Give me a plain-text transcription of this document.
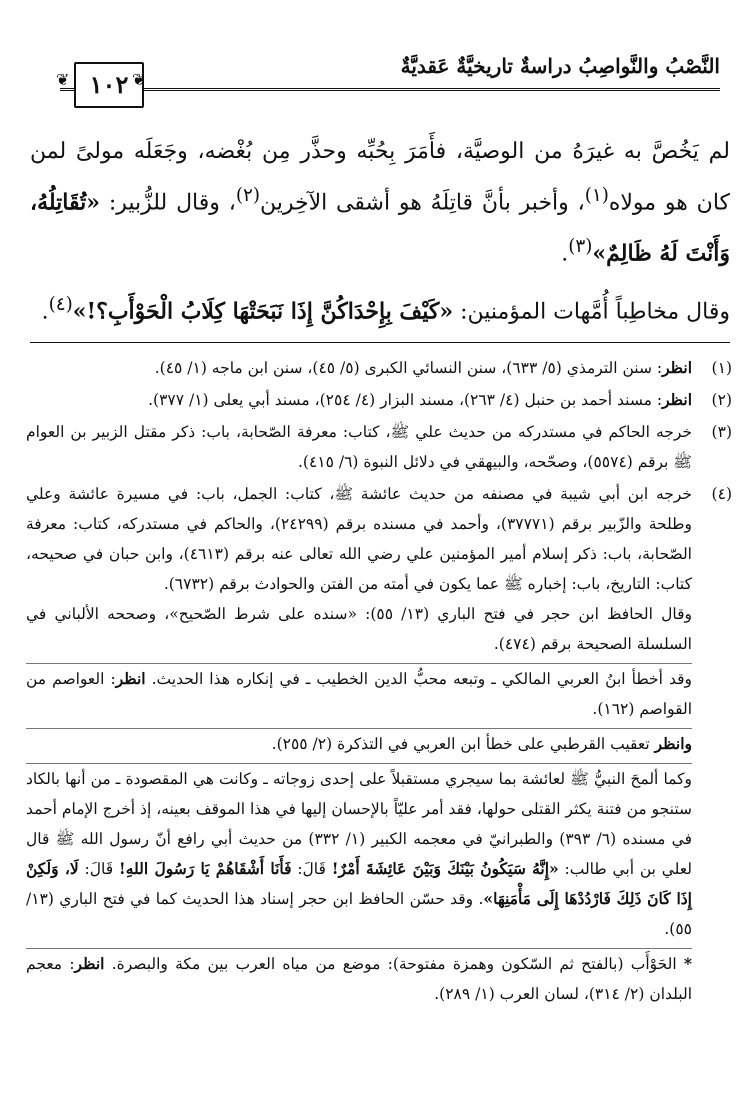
النَّصْبُ والنَّواصِبُ دراسةٌ تاريخيَّةٌ عَقديَّةٌ
١٠٢
❦	❦

لم يَخُصَّ به غيرَهُ من الوصيَّة، فأَمَرَ بِحُبِّه وحذَّر مِن بُغْضه، وجَعَلَه مولىً لمن كان هو مولاه$^{(١)}$، وأخبر بأنَّ قاتِلَهُ هو أشقى الآخِرين$^{(٢)}$، وقال للزُّبير: «تُقَاتِلُهُ، وَأَنْتَ لَهُ ظَالِمٌ»$^{(٣)}$.

وقال مخاطِباً أُمَّهات المؤمنين: «كَيْفَ بِإِحْدَاكُنَّ إِذَا نَبَحَتْهَا كِلَابُ الْحَوْأَبِ؟!»$^{(٤)}$.

(١)
انظر: سنن الترمذي (٥/ ٦٣٣)، سنن النسائي الكبرى (٥/ ٤٥)، سنن ابن ماجه (١/ ٤٥).
(٢)
انظر: مسند أحمد بن حنبل (٤/ ٢٦٣)، مسند البزار (٤/ ٢٥٤)، مسند أبي يعلى (١/ ٣٧٧).
(٣)
خرجه الحاكم في مستدركه من حديث علي ﷺ، كتاب: معرفة الصّحابة، باب: ذكر مقتل الزبير بن العوام ﷺ برقم (٥٥٧٤)، وصحّحه، والبيهقي في دلائل النبوة (٦/ ٤١٥).
(٤)

خرجه ابن أبي شيبة في مصنفه من حديث عائشة ﷺ، كتاب: الجمل، باب: في مسيرة عائشة وعلي وطلحة والزّبير برقم (٣٧٧٧١)، وأحمد في مسنده برقم (٢٤٢٩٩)، والحاكم في مستدركه، كتاب: معرفة الصّحابة، باب: ذكر إسلام أمير المؤمنين علي رضي الله تعالى عنه برقم (٤٦١٣)، وابن حبان في صحيحه، كتاب: التاريخ، باب: إخباره ﷺ عما يكون في أمته من الفتن والحوادث برقم (٦٧٣٢).

وقال الحافظ ابن حجر في فتح الباري (١٣/ ٥٥): «سنده على شرط الصّحيح»، وصححه الألباني في السلسلة الصحيحة برقم (٤٧٤).

وقد أخطأ ابنُ العربي المالكي ـ وتبعه محبُّ الدين الخطيب ـ في إنكاره هذا الحديث. انظر: العواصم من القواصم (١٦٢).

وانظر تعقيب القرطبي على خطأ ابن العربي في التذكرة (٢/ ٢٥٥).

وكما ألمحَ النبيُّ ﷺ لعائشة بما سيجري مستقبلاً على إحدى زوجاته ـ وكانت هي المقصودة ـ من أنها بالكاد ستنجو من فتنة يكثر القتلى حولها، فقد أمر عليّاً بالإحسان إليها في هذا الموقف بعينه، إذ أخرج الإمام أحمد في مسنده (٦/ ٣٩٣) والطبرانيّ في معجمه الكبير (١/ ٣٣٢) من حديث أبي رافع أنّ رسول الله ﷺ قال لعلي بن أبي طالب: «إِنَّهُ سَيَكُونُ بَيْنَكَ وَبَيْنَ عَائِشَةَ أَمْرٌ! قَالَ: فَأَنَا أَشْقَاهُمْ يَا رَسُولَ اللهِ! قَالَ: لَا، وَلَكِنْ إِذَا كَانَ ذَلِكَ فَارْدُدْهَا إِلَى مَأْمَنِهَا». وقد حسّن الحافظ ابن حجر إسناد هذا الحديث كما في فتح الباري (١٣/ ٥٥).

* الحَوْأَب (بالفتح ثم السّكون وهمزة مفتوحة): موضع من مياه العرب بين مكة والبصرة. انظر: معجم البلدان (٢/ ٣١٤)، لسان العرب (١/ ٢٨٩).
